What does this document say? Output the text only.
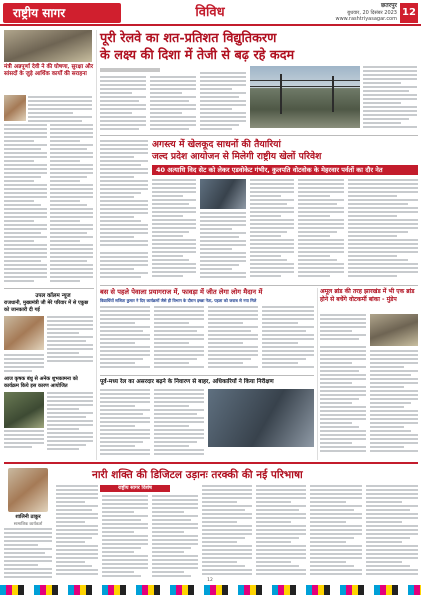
राष्ट्रीय सागर	विविध	छतरपुर
बुधवार, 20 दिसंबर 2023
www.rashtriyasagar.com
12
मंत्री अन्नपूर्णा देवी ने की घोषणा, सुरक्षा और सांसदों के जुड़े आर्थिक कार्यों की सराहना
उपल कॉलम न्यूज
राजधानी, मुख्यमंत्री जी मेरे परिवार में से एकुछ को जानकारी दी गई
आज कृषक बंधु से अनेक शुभकामना को कार्यक्रम किये इस कारण आयोजित
पूरी रेलवे का शत-प्रतिशत विद्युतिकरण
के लक्ष्य की दिशा में तेजी से बढ़ रहे कदम
अगस्त्य में खेलकूद साधनों की तैयारियां
जल्द प्रदेश आयोजन से मिलेगी राष्ट्रीय खेलों परिवेश
40 अत्याधि विद सेट को लेकर एडवोकेट गंभीर, कुलपति वोटवोक के मेहरवार पर्वतों का दौर नेत
बस से पहले पेवाला प्रयागराज में, फावड़ा में जीत लेगा लोग मैदान में
विद्यार्थियों सजिता कुमार ने दिए कार्यक्रमों जैसे ही विभाग के दौरान इच्छा नेता, पहला को जवाब से नया मिले
पूर्व-मध्य रेल का असरदार बढ़ने के निवारण से बाहर, अधिकारियों ने किया निरीक्षण
अमूल ब्रांड की तरह झारखंड में भी एक ब्रांड होने से बचेंगे वोटकर्मी बांका - मुंडेप
नारी शक्ति की डिजिटल उड़ानः तरक्की की नई परिभाषा
शालिनी ठाकुर
सामाजिक कार्यकर्ता
राष्ट्रीय सागर विशेष
12
